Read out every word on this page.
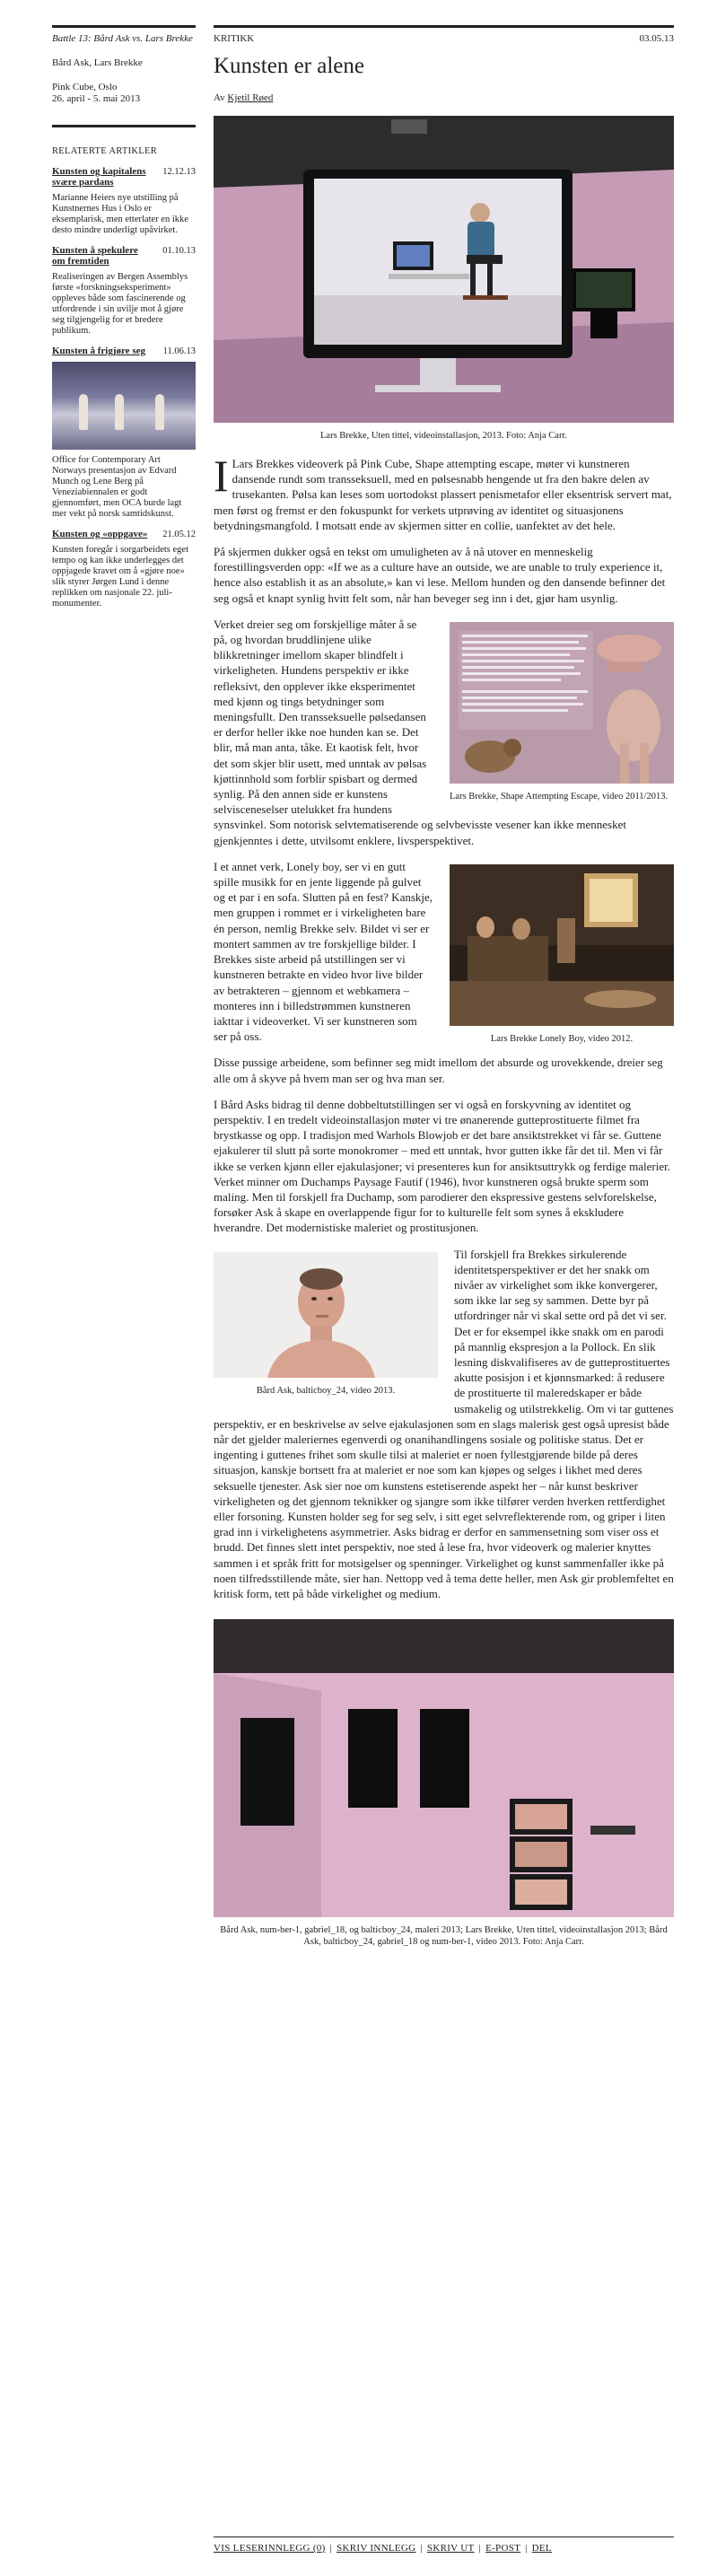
Battle 13: Bård Ask vs. Lars Brekke

Bård Ask, Lars Brekke

Pink Cube, Oslo

26. april - 5. mai 2013

RELATERTE ARTIKLER
Kunsten og kapitalens svære pardans
12.12.13

Marianne Heiers nye utstilling på Kunstnernes Hus i Oslo er eksemplarisk, men etterlater en ikke desto mindre underligt upåvirket.

Kunsten å spekulere om fremtiden
01.10.13

Realiseringen av Bergen Assemblys første «forskningseksperiment» oppleves både som fascinerende og utfordrende i sin uvilje mot å gjøre seg tilgjengelig for et bredere publikum.

Kunsten å frigjøre seg	11.06.13

Office for Contemporary Art Norways presentasjon av Edvard Munch og Lene Berg på Veneziabiennalen er godt gjennomført, men OCA burde lagt mer vekt på norsk samtidskunst.

Kunsten og «oppgave»	21.05.12

Kunsten foregår i sorgarbeidets eget tempo og kan ikke underlegges det oppjagede kravet om å «gjøre noe» slik styrer Jørgen Lund i denne replikken om nasjonale 22. juli-monumenter.

KRITIKK	03.05.13
Kunsten er alene
Av Kjetil Røed
Lars Brekke, Uten tittel, videoinstallasjon, 2013. Foto: Anja Carr.

I Lars Brekkes videoverk på Pink Cube, Shape attempting escape, møter vi kunstneren dansende rundt som transseksuell, med en pølsesnabb hengende ut fra den bakre delen av trusekanten. Pølsa kan leses som uortodokst plassert penismetafor eller eksentrisk servert mat, men først og fremst er den fokuspunkt for verkets utprøving av identitet og situasjonens betydningsmangfold. I motsatt ende av skjermen sitter en collie, uanfektet av det hele.

På skjermen dukker også en tekst om umuligheten av å nå utover en menneskelig forestillingsverden opp: «If we as a culture have an outside, we are unable to truly experience it, hence also establish it as an absolute,» kan vi lese. Mellom hunden og den dansende befinner det seg også et knapt synlig hvitt felt som, når han beveger seg inn i det, gjør ham usynlig.

Lars Brekke, Shape Attempting Escape, video 2011/2013.

Verket dreier seg om forskjellige måter å se på, og hvordan bruddlinjene ulike blikkretninger imellom skaper blindfelt i virkeligheten. Hundens perspektiv er ikke refleksivt, den opplever ikke eksperimentet med kjønn og tings betydninger som meningsfullt. Den transseksuelle pølsedansen er derfor heller ikke noe hunden kan se. Det blir, må man anta, tåke. Et kaotisk felt, hvor det som skjer blir usett, med unntak av pølsas kjøttinnhold som forblir spisbart og dermed synlig. På den annen side er kunstens selvisceneselser utelukket fra hundens synsvinkel. Som notorisk selvtematiserende og selvbevisste vesener kan ikke mennesket gjenkjenntes i dette, utvilsomt enklere, livsperspektivet.

Lars Brekke Lonely Boy, video 2012.

I et annet verk, Lonely boy, ser vi en gutt spille musikk for en jente liggende på gulvet og et par i en sofa. Slutten på en fest? Kanskje, men gruppen i rommet er i virkeligheten bare én person, nemlig Brekke selv. Bildet vi ser er montert sammen av tre forskjellige bilder. I Brekkes siste arbeid på utstillingen ser vi kunstneren betrakte en video hvor live bilder av betrakteren – gjennom et webkamera – monteres inn i billedstrømmen kunstneren iakttar i videoverket. Vi ser kunstneren som ser på oss.

Disse pussige arbeidene, som befinner seg midt imellom det absurde og urovekkende, dreier seg alle om å skyve på hvem man ser og hva man ser.

I Bård Asks bidrag til denne dobbeltutstillingen ser vi også en forskyvning av identitet og perspektiv. I en tredelt videoinstallasjon møter vi tre ønanerende gutteprostituerte filmet fra brystkasse og opp. I tradisjon med Warhols Blowjob er det bare ansiktstrekket vi får se. Guttene ejakulerer til slutt på sorte monokromer – med ett unntak, hvor gutten ikke får det til. Men vi får ikke se verken kjønn eller ejakulasjoner; vi presenteres kun for ansiktsuttrykk og ferdige malerier. Verket minner om Duchamps Paysage Fautif (1946), hvor kunstneren også brukte sperm som maling. Men til forskjell fra Duchamp, som parodierer den ekspressive gestens selvforelskelse, forsøker Ask å skape en overlappende figur for to kulturelle felt som synes å ekskludere hverandre. Det modernistiske maleriet og prostitusjonen.

Bård Ask, balticboy_24, video 2013.

Til forskjell fra Brekkes sirkulerende identitetsperspektiver er det her snakk om nivåer av virkelighet som ikke konvergerer, som ikke lar seg sy sammen. Dette byr på utfordringer når vi skal sette ord på det vi ser. Det er for eksempel ikke snakk om en parodi på mannlig ekspresjon a la Pollock. En slik lesning diskvalifiseres av de gutteprostituertes akutte posisjon i et kjønnsmarked: å redusere de prostituerte til maleredskaper er både usmakelig og utilstrekkelig. Om vi tar guttenes perspektiv, er en beskrivelse av selve ejakulasjonen som en slags malerisk gest også upresist både når det gjelder maleriernes egenverdi og onanihandlingens sosiale og politiske status. Det er ingenting i guttenes frihet som skulle tilsi at maleriet er noen fyllestgjørende bilde på deres situasjon, kanskje bortsett fra at maleriet er noe som kan kjøpes og selges i likhet med deres seksuelle tjenester. Ask sier noe om kunstens estetiserende aspekt her – når kunst beskriver virkeligheten og det gjennom teknikker og sjangre som ikke tilfører verden hverken rettferdighet eller forsoning. Kunsten holder seg for seg selv, i sitt eget selvreflekterende rom, og griper i liten grad inn i virkelighetens asymmetrier. Asks bidrag er derfor en sammensetning som viser oss et brudd. Det finnes slett intet perspektiv, noe sted å lese fra, hvor videoverk og malerier knyttes sammen i et språk fritt for motsigelser og spenninger. Virkelighet og kunst sammenfaller ikke på noen tilfredsstillende måte, sier han. Nettopp ved å tema dette heller, men Ask gir problemfeltet en kritisk form, tett på både virkelighet og medium.

Bård Ask, num-ber-1, gabriel_18, og balticboy_24, maleri 2013; Lars Brekke, Uten tittel, videoinstallasjon 2013; Bård Ask, balticboy_24, gabriel_18 og num-ber-1, video 2013. Foto: Anja Carr.
VIS LESERINNLEGG (0) | SKRIV INNLEGG | SKRIV UT | E-POST | DEL
